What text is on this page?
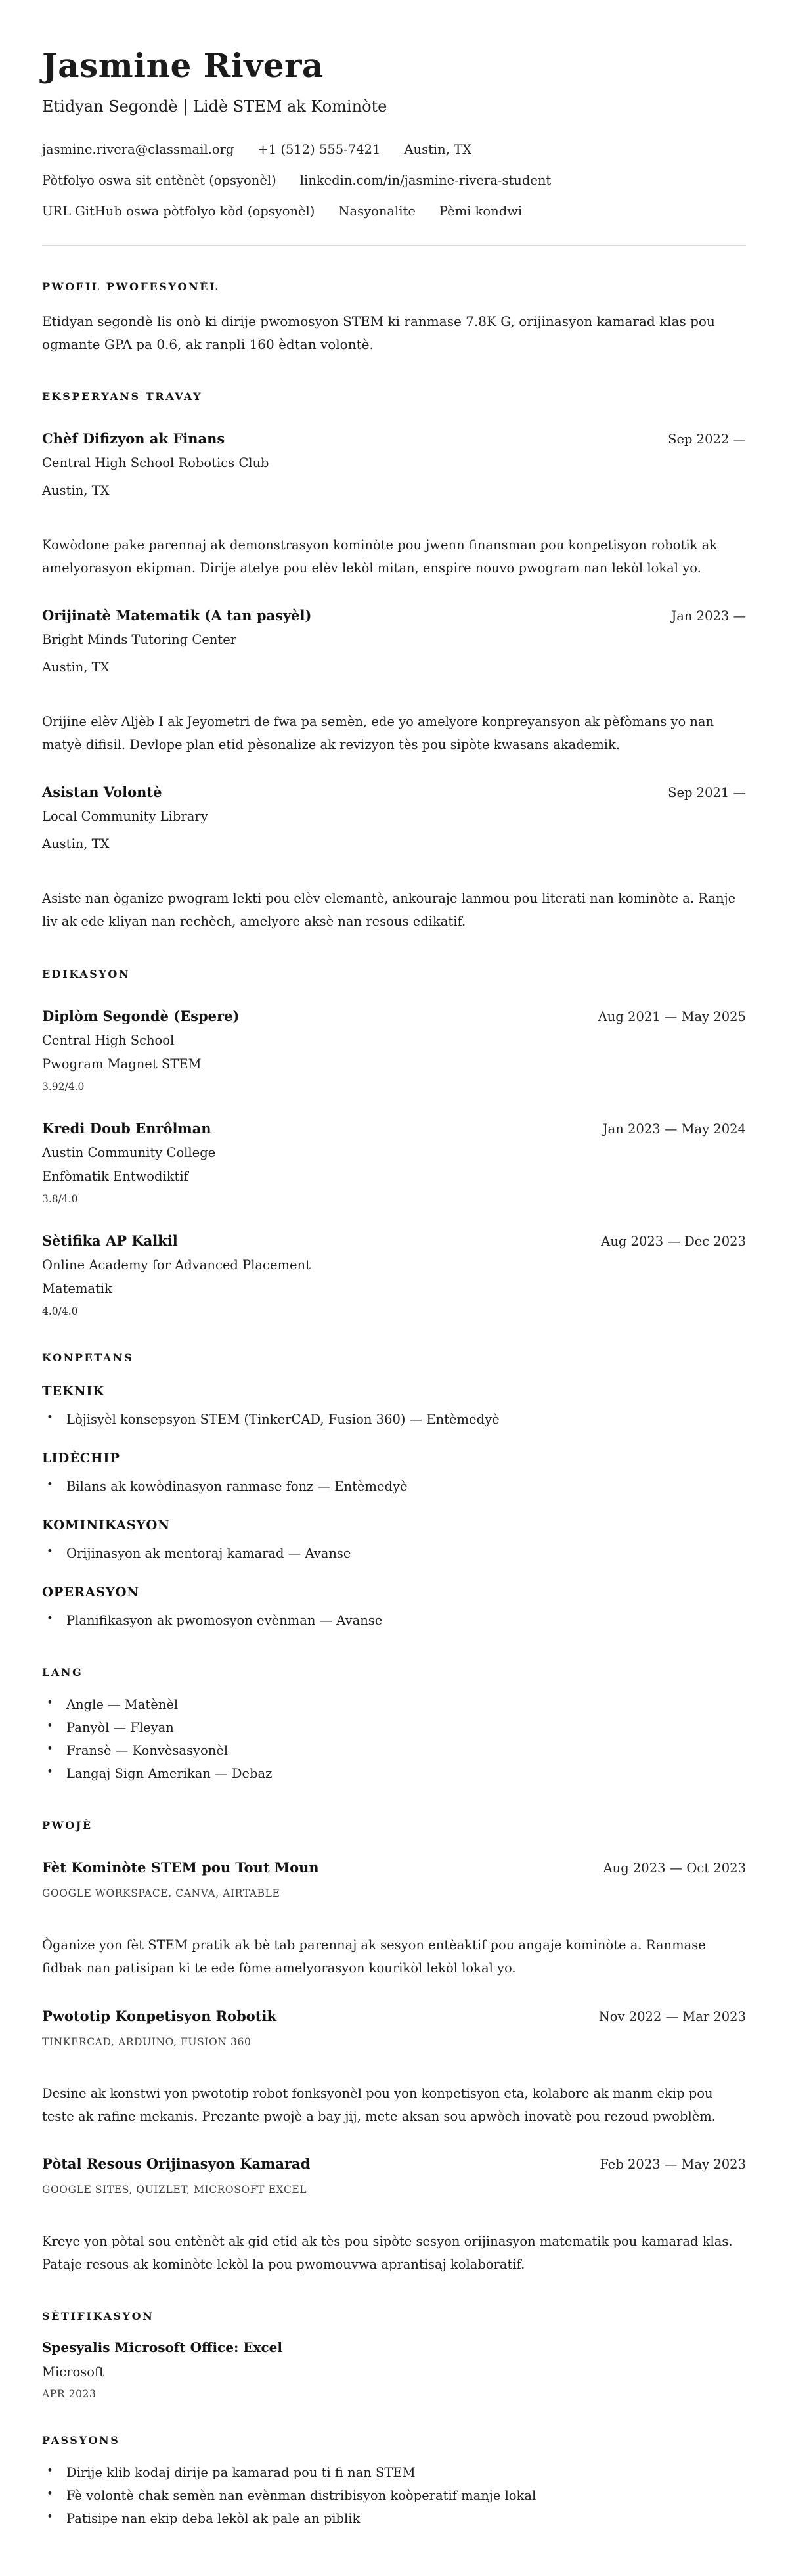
Jasmine Rivera
Etidyan Segondè | Lidè STEM ak Kominòte
jasmine.rivera@classmail.org +1 (512) 555-7421 Austin, TX
Pòtfolyo oswa sit entènèt (opsyonèl) linkedin.com/in/jasmine-rivera-student
URL GitHub oswa pòtfolyo kòd (opsyonèl) Nasyonalite Pèmi kondwi
PWOFIL PWOFESYONÈL

Etidyan segondè lis onò ki dirije pwomosyon STEM ki ranmase 7.8K G, orijinasyon kamarad klas pou ogmante GPA pa 0.6, ak ranpli 160 èdtan volontè.

EKSPERYANS TRAVAY
Chèf Difizyon ak Finans	Sep 2022 —
Central High School Robotics Club
Austin, TX

Kowòdone pake parennaj ak demonstrasyon kominòte pou jwenn finansman pou konpetisyon robotik ak amelyorasyon ekipman. Dirije atelye pou elèv lekòl mitan, enspire nouvo pwogram nan lekòl lokal yo.

Orijinatè Matematik (A tan pasyèl)	Jan 2023 —
Bright Minds Tutoring Center
Austin, TX

Orijine elèv Aljèb I ak Jeyometri de fwa pa semèn, ede yo amelyore konpreyansyon ak pèfòmans yo nan matyè difisil. Devlope plan etid pèsonalize ak revizyon tès pou sipòte kwasans akademik.

Asistan Volontè	Sep 2021 —
Local Community Library
Austin, TX

Asiste nan òganize pwogram lekti pou elèv elemantè, ankouraje lanmou pou literati nan kominòte a. Ranje liv ak ede kliyan nan rechèch, amelyore aksè nan resous edikatif.

EDIKASYON
Diplòm Segondè (Espere)	Aug 2021 — May 2025
Central High School
Pwogram Magnet STEM
3.92/4.0
Kredi Doub Enrôlman	Jan 2023 — May 2024
Austin Community College
Enfòmatik Entwodiktif
3.8/4.0
Sètifika AP Kalkil	Aug 2023 — Dec 2023
Online Academy for Advanced Placement
Matematik
4.0/4.0
KONPETANS
TEKNIK
• Lòjisyèl konsepsyon STEM (TinkerCAD, Fusion 360) — Entèmedyè
LIDÈCHIP
• Bilans ak kowòdinasyon ranmase fonz — Entèmedyè
KOMINIKASYON
• Orijinasyon ak mentoraj kamarad — Avanse
OPERASYON
• Planifikasyon ak pwomosyon evènman — Avanse
LANG
• Angle — Matènèl
• Panyòl — Fleyan
• Fransè — Konvèsasyonèl
• Langaj Sign Amerikan — Debaz
PWOJÈ
Fèt Kominòte STEM pou Tout Moun	Aug 2023 — Oct 2023
GOOGLE WORKSPACE, CANVA, AIRTABLE

Òganize yon fèt STEM pratik ak bè tab parennaj ak sesyon entèaktif pou angaje kominòte a. Ranmase fidbak nan patisipan ki te ede fòme amelyorasyon kourikòl lekòl lokal yo.

Pwototip Konpetisyon Robotik	Nov 2022 — Mar 2023
TINKERCAD, ARDUINO, FUSION 360

Desine ak konstwi yon pwototip robot fonksyonèl pou yon konpetisyon eta, kolabore ak manm ekip pou teste ak rafine mekanis. Prezante pwojè a bay jij, mete aksan sou apwòch inovatè pou rezoud pwoblèm.

Pòtal Resous Orijinasyon Kamarad	Feb 2023 — May 2023
GOOGLE SITES, QUIZLET, MICROSOFT EXCEL

Kreye yon pòtal sou entènèt ak gid etid ak tès pou sipòte sesyon orijinasyon matematik pou kamarad klas. Pataje resous ak kominòte lekòl la pou pwomouvwa aprantisaj kolaboratif.

SÈTIFIKASYON
Spesyalis Microsoft Office: Excel
Microsoft
APR 2023
PASSYONS
• Dirije klib kodaj dirije pa kamarad pou ti fi nan STEM
• Fè volontè chak semèn nan evènman distribisyon koòperatif manje lokal
• Patisipe nan ekip deba lekòl ak pale an piblik
